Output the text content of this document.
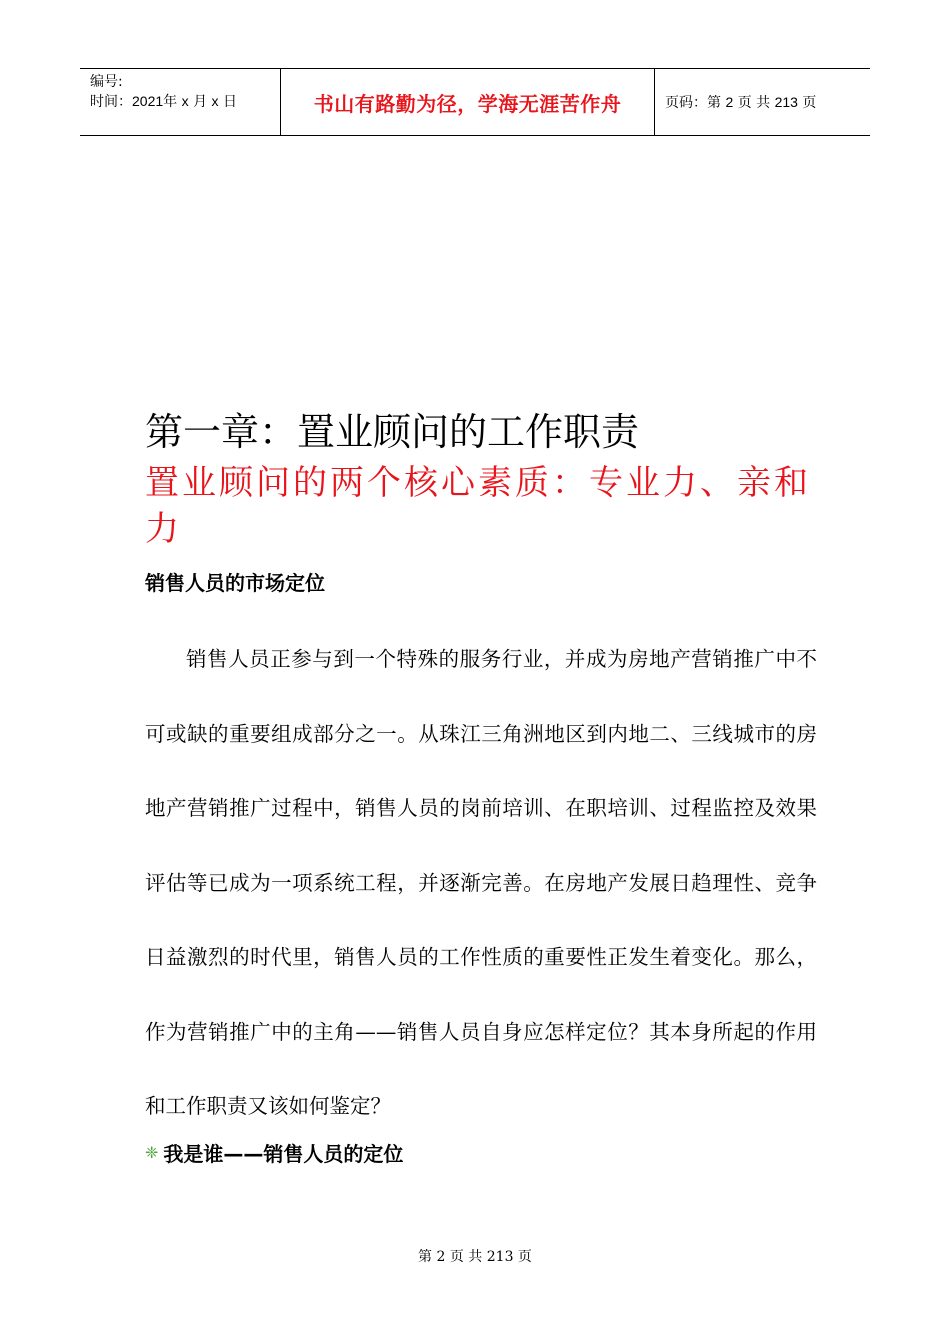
编号:
时间：2021年 x 月 x 日	书山有路勤为径，学海无涯苦作舟	页码：第
2
页 共
213
页
第一章：置业顾问的工作职责
置业顾问的两个核心素质：专业力、亲和力
销售人员的市场定位

销售人员正参与到一个特殊的服务行业，并成为房地产营销推广中不可或缺的重要组成部分之一。从珠江三角洲地区到内地二、三线城市的房地产营销推广过程中，销售人员的岗前培训、在职培训、过程监控及效果评估等已成为一项系统工程，并逐渐完善。在房地产发展日趋理性、竞争日益激烈的时代里，销售人员的工作性质的重要性正发生着变化。那么，作为营销推广中的主角——销售人员自身应怎样定位？其本身所起的作用和工作职责又该如何鉴定？

❈ 我是谁——销售人员的定位
第 2 页 共 213 页
